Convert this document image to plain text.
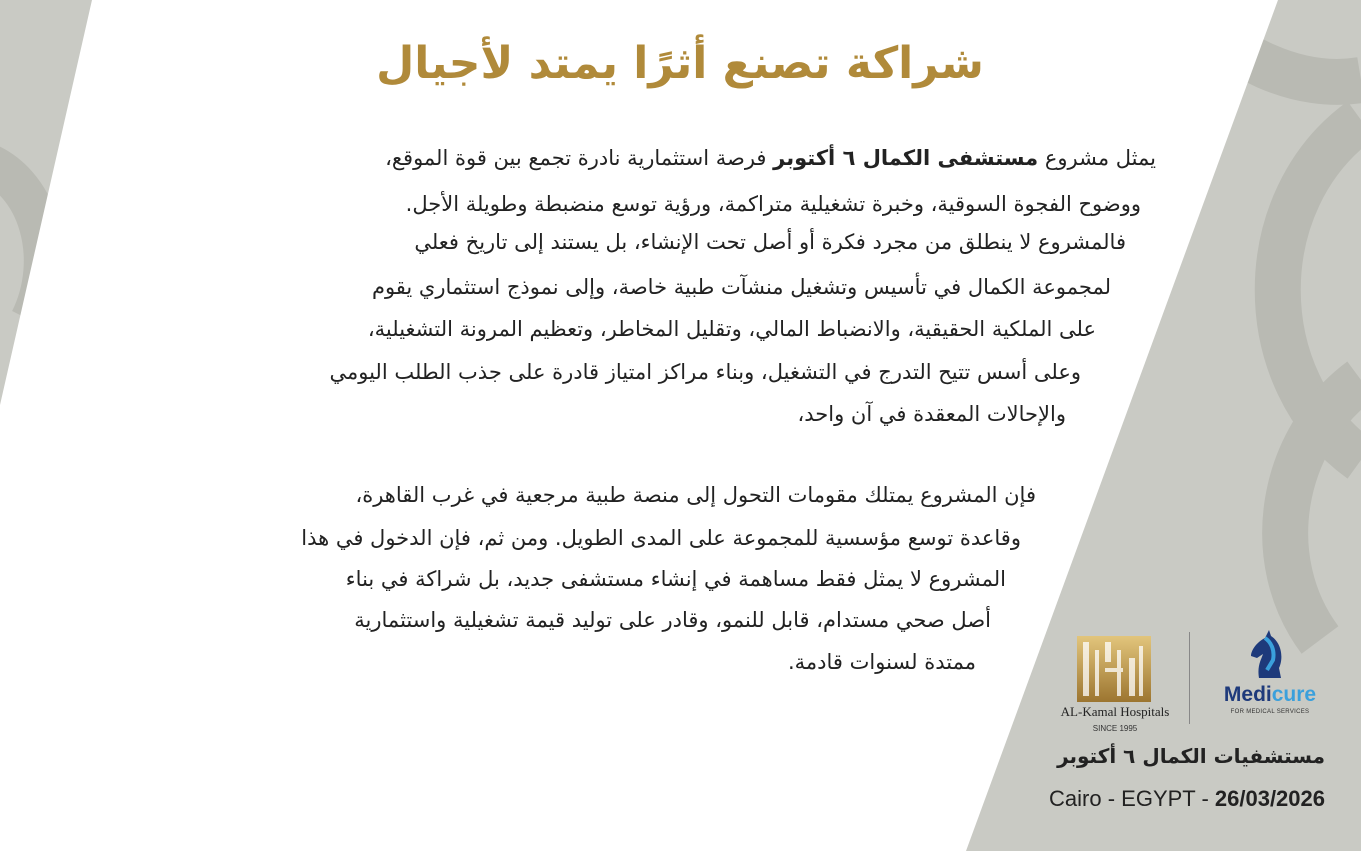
شراكة تصنع أثرًا يمتد لأجيال
يمثل مشروع مستشفى الكمال ٦ أكتوبر فرصة استثمارية نادرة تجمع بين قوة الموقع،
ووضوح الفجوة السوقية، وخبرة تشغيلية متراكمة، ورؤية توسع منضبطة وطويلة الأجل.
فالمشروع لا ينطلق من مجرد فكرة أو أصل تحت الإنشاء، بل يستند إلى تاريخ فعلي
لمجموعة الكمال في تأسيس وتشغيل منشآت طبية خاصة، وإلى نموذج استثماري يقوم
على الملكية الحقيقية، والانضباط المالي، وتقليل المخاطر، وتعظيم المرونة التشغيلية،
وعلى أسس تتيح التدرج في التشغيل، وبناء مراكز امتياز قادرة على جذب الطلب اليومي
والإحالات المعقدة في آن واحد،
فإن المشروع يمتلك مقومات التحول إلى منصة طبية مرجعية في غرب القاهرة،
وقاعدة توسع مؤسسية للمجموعة على المدى الطويل. ومن ثم، فإن الدخول في هذا
المشروع لا يمثل فقط مساهمة في إنشاء مستشفى جديد، بل شراكة في بناء
أصل صحي مستدام، قابل للنمو، وقادر على توليد قيمة تشغيلية واستثمارية
ممتدة لسنوات قادمة.
AL-Kamal Hospitals
SINCE 1995
Medicure
FOR MEDICAL SERVICES
مستشفيات الكمال ٦ أكتوبر
Cairo - EGYPT - 26/03/2026
